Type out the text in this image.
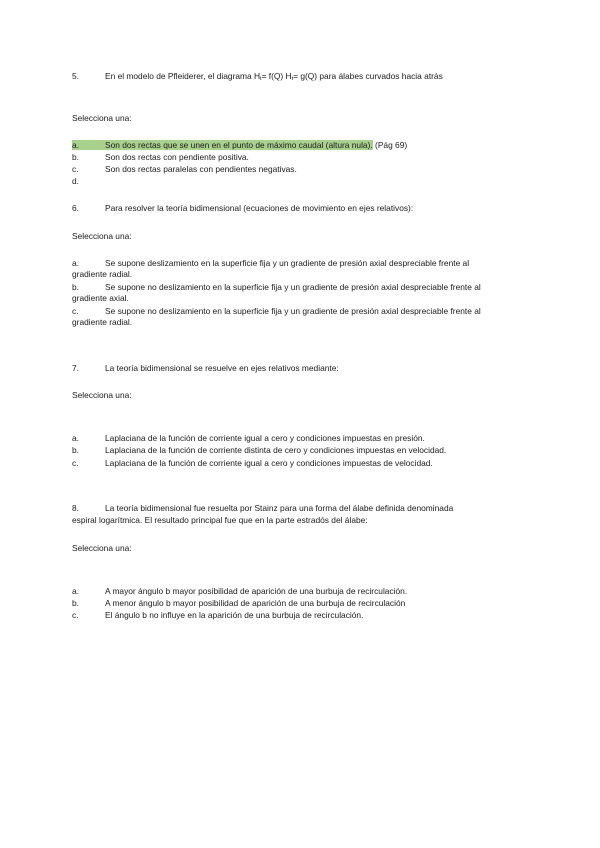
5.	En el modelo de Pfleiderer, el diagrama $H_t= f(Q)$ $H_t= g(Q)$ para álabes curvados hacia atrás
Selecciona una:
a.	Son dos rectas que se unen en el punto de máximo caudal (altura nula). (Pág 69)
b.	Son dos rectas con pendiente positiva.
c.	Son dos rectas paralelas con pendientes negativas.
d.
6.	Para resolver la teoría bidimensional (ecuaciones de movimiento en ejes relativos):
Selecciona una:
a.	Se supone deslizamiento en la superficie fija y un gradiente de presión axial despreciable frente al
gradiente radial.
b.	Se supone no deslizamiento en la superficie fija y un gradiente de presión axial despreciable frente al
gradiente axial.
c.	Se supone no deslizamiento en la superficie fija y un gradiente de presión axial despreciable frente al
gradiente radial.
7.	La teoría bidimensional se resuelve en ejes relativos mediante:
Selecciona una:
a.	Laplaciana de la función de corriente igual a cero y condiciones impuestas en presión.
b.	Laplaciana de la función de corriente distinta de cero y condiciones impuestas en velocidad.
c.	Laplaciana de la función de corriente igual a cero y condiciones impuestas de velocidad.
8.	La teoría bidimensional fue resuelta por Stainz para una forma del álabe definida denominada
espiral logarítmica. El resultado principal fue que en la parte estradós del álabe:
Selecciona una:
a.	A mayor ángulo b mayor posibilidad de aparición de una burbuja de recirculación.
b.	A menor ángulo b mayor posibilidad de aparición de una burbuja de recirculación
c.	El ángulo b no influye en la aparición de una burbuja de recirculación.
